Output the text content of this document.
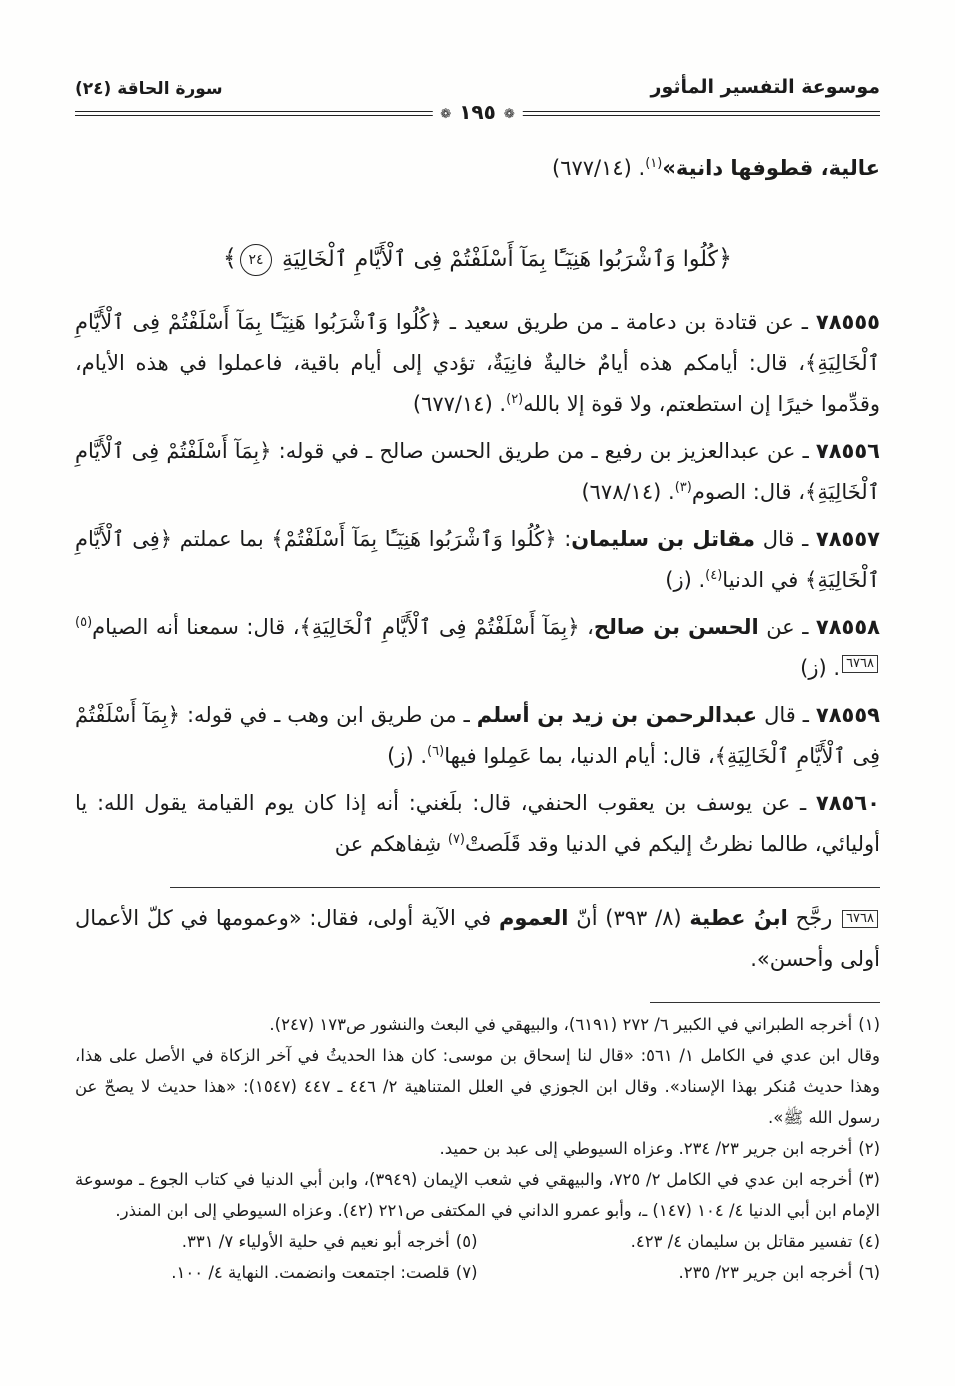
موسوعة التفسير المأثور
❁
١٩٥
❁
سورة الحاقة (٢٤)

عالية، قطوفها دانية»$^{(١)}$. (٦٧٧/١٤)

﴿كُلُوا وَٱشْرَبُوا هَنِيٓـًٔا بِمَآ أَسْلَفْتُمْ فِى ٱلْأَيَّامِ ٱلْخَالِيَةِ ٢٤﴾

٧٨٥٥٥ ـ عن قتادة بن دعامة ـ من طريق سعيد ـ ﴿كُلُوا وَٱشْرَبُوا هَنِيٓـًٔا بِمَآ أَسْلَفْتُمْ فِى ٱلْأَيَّامِ ٱلْخَالِيَةِ﴾، قال: أيامكم هذه أيامٌ خاليةٌ فانِيَةٌ، تؤدي إلى أيام باقية، فاعملوا في هذه الأيام، وقدِّموا خيرًا إن استطعتم، ولا قوة إلا بالله$^{(٢)}$. (٦٧٧/١٤)

٧٨٥٥٦ ـ عن عبدالعزيز بن رفيع ـ من طريق الحسن صالح ـ في قوله: ﴿بِمَآ أَسْلَفْتُمْ فِى ٱلْأَيَّامِ ٱلْخَالِيَةِ﴾، قال: الصوم$^{(٣)}$. (٦٧٨/١٤)

٧٨٥٥٧ ـ قال مقاتل بن سليمان: ﴿كُلُوا وَٱشْرَبُوا هَنِيٓـًٔا بِمَآ أَسْلَفْتُمْ﴾ بما عملتم ﴿فِى ٱلْأَيَّامِ ٱلْخَالِيَةِ﴾ في الدنيا$^{(٤)}$. (ز)

٧٨٥٥٨ ـ عن الحسن بن صالح، ﴿بِمَآ أَسْلَفْتُمْ فِى ٱلْأَيَّامِ ٱلْخَالِيَةِ﴾، قال: سمعنا أنه الصيام$^{(٥)}$٦٧٦٨. (ز)

٧٨٥٥٩ ـ قال عبدالرحمن بن زيد بن أسلم ـ من طريق ابن وهب ـ في قوله: ﴿بِمَآ أَسْلَفْتُمْ فِى ٱلْأَيَّامِ ٱلْخَالِيَةِ﴾، قال: أيام الدنيا، بما عَمِلوا فيها$^{(٦)}$. (ز)

٧٨٥٦٠ ـ عن يوسف بن يعقوب الحنفي، قال: بلَغني: أنه إذا كان يوم القيامة يقول الله: يا أوليائي، طالما نظرتُ إليكم في الدنيا وقد قَلَصتْ$^{(٧)}$ شِفاهكم عن

٦٧٦٨ رجَّح ابنُ عطية (٨/ ٣٩٣) أنّ العموم في الآية أولى، فقال: «وعمومها في كلّ الأعمال أولى وأحسن».

(١)أخرجه الطبراني في الكبير ٦/ ٢٧٢ (٦١٩١)، والبيهقي في البعث والنشور ص١٧٣ (٢٤٧).

وقال ابن عدي في الكامل ١/ ٥٦١: «قال لنا إسحاق بن موسى: كان هذا الحديثُ في آخر الزكاة في الأصل على هذا، وهذا حديث مُنكر بهذا الإسناد». وقال ابن الجوزي في العلل المتناهية ٢/ ٤٤٦ ـ ٤٤٧ (١٥٤٧): «هذا حديث لا يصحّ عن رسول الله ﷺ».

(٢)أخرجه ابن جرير ٢٣/ ٢٣٤. وعزاه السيوطي إلى عبد بن حميد.

(٣)أخرجه ابن عدي في الكامل ٢/ ٧٢٥، والبيهقي في شعب الإيمان (٣٩٤٩)، وابن أبي الدنيا في كتاب الجوع ـ موسوعة الإمام ابن أبي الدنيا ٤/ ١٠٤ (١٤٧) ـ، وأبو عمرو الداني في المكتفى ص٢٢١ (٤٢). وعزاه السيوطي إلى ابن المنذر.

(٤)تفسير مقاتل بن سليمان ٤/ ٤٢٣.

(٥)أخرجه أبو نعيم في حلية الأولياء ٧/ ٣٣١.

(٦)أخرجه ابن جرير ٢٣/ ٢٣٥.

(٧)قلصت: اجتمعت وانضمت. النهاية ٤/ ١٠٠.
